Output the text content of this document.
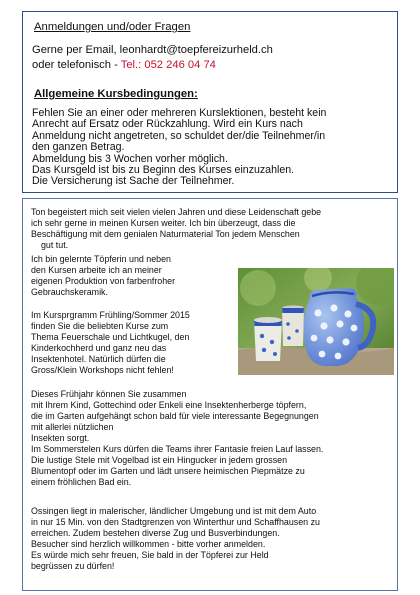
Anmeldungen und/oder Fragen
Gerne per Email, leonhardt@toepfereizurheld.ch
oder telefonisch - Tel.: 052 246 04 74
Allgemeine Kursbedingungen:

Fehlen Sie an einer oder mehreren Kurslektionen, besteht kein

Anrecht auf Ersatz oder Rückzahlung. Wird ein Kurs nach

Anmeldung nicht angetreten, so schuldet der/die Teilnehmer/in

den ganzen Betrag.

Abmeldung bis 3 Wochen vorher möglich.

Das Kursgeld ist bis zu Beginn des Kurses einzuzahlen.

Die Versicherung ist Sache der Teilnehmer.

Ton begeistert mich seit vielen vielen Jahren und diese Leidenschaft gebe
ich sehr gerne in meinen Kursen weiter. Ich bin überzeugt, dass die
Beschäftigung mit dem genialen Naturmaterial Ton jedem Menschen
gut tut.
Ich bin gelernte Töpferin und neben
den Kursen arbeite ich an meiner
eigenen Produktion von farbenfroher
Gebrauchskeramik.
Im Kursprgramm Frühling/Sommer 2015
finden Sie die beliebten Kurse zum
Thema Feuerschale und Lichtkugel, den
Kinderkochherd und ganz neu das
Insektenhotel. Natürlich dürfen die
Gross/Klein Workshops nicht fehlen!
Dieses Frühjahr können Sie zusammen
mit Ihrem Kind, Gottechind oder Enkeli eine Insektenherberge töpfern,
die im Garten aufgehängt schon bald für viele interessante Begegnungen
mit allerlei nützlichen
Insekten sorgt.
Im Sommerstelen Kurs dürfen die Teams ihrer Fantasie freien Lauf lassen.
Die lustige Stele mit Vogelbad ist ein Hingucker in jedem grossen
Blumentopf oder im Garten und lädt unsere heimischen Piepmätze zu
einem fröhlichen Bad ein.
Ossingen liegt in malerischer, ländlicher Umgebung und ist mit dem Auto
in nur 15 Min. von den Stadtgrenzen von Winterthur und Schaffhausen zu
erreichen. Zudem bestehen diverse Zug und Busverbindungen.
Besucher sind herzlich willkommen - bitte vorher anmelden.
Es würde mich sehr freuen, Sie bald in der Töpferei zur Held
begrüssen zu dürfen!
